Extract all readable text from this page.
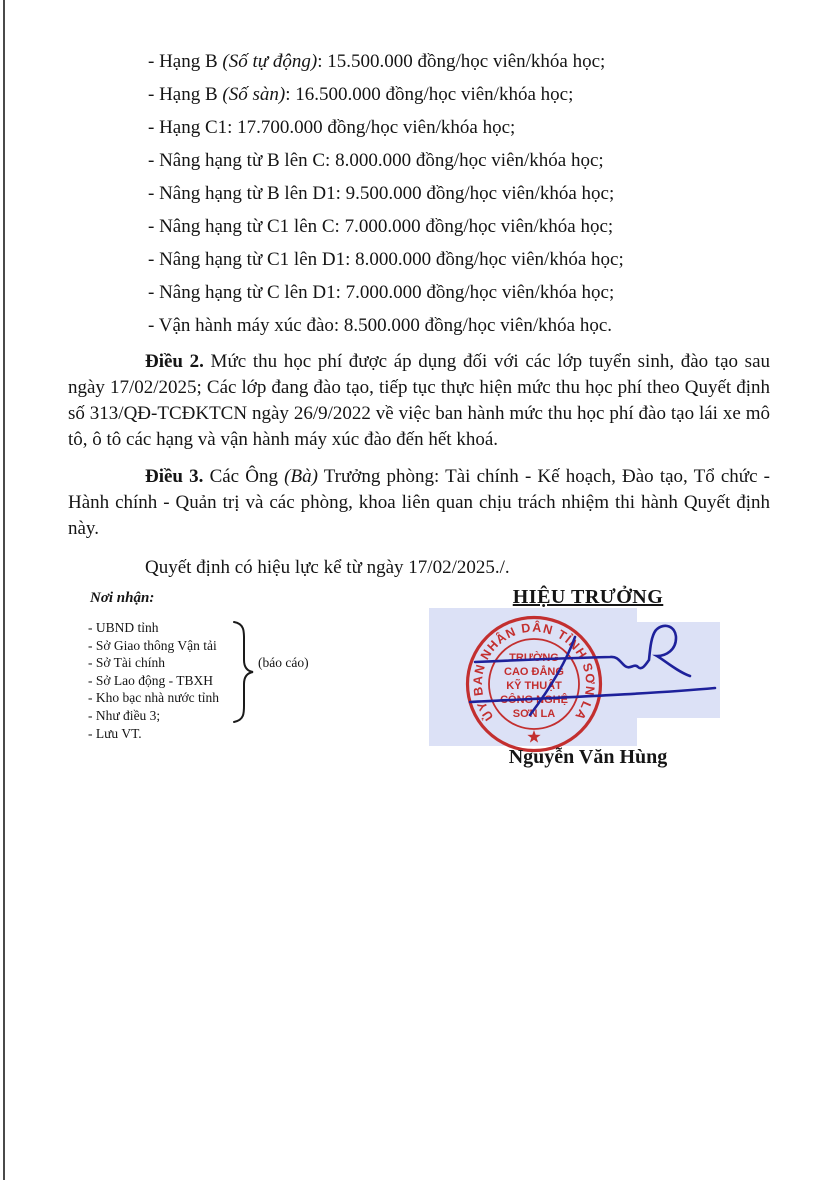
- Hạng B (Số tự động): 15.500.000 đồng/học viên/khóa học;

- Hạng B (Số sàn): 16.500.000 đồng/học viên/khóa học;

- Hạng C1: 17.700.000 đồng/học viên/khóa học;

- Nâng hạng từ B lên C: 8.000.000 đồng/học viên/khóa học;

- Nâng hạng từ B lên D1: 9.500.000 đồng/học viên/khóa học;

- Nâng hạng từ C1 lên C: 7.000.000 đồng/học viên/khóa học;

- Nâng hạng từ C1 lên D1: 8.000.000 đồng/học viên/khóa học;

- Nâng hạng từ C lên D1: 7.000.000 đồng/học viên/khóa học;

- Vận hành máy xúc đào: 8.500.000 đồng/học viên/khóa học.

Điều 2. Mức thu học phí được áp dụng đối với các lớp tuyển sinh, đào tạo sau ngày 17/02/2025; Các lớp đang đào tạo, tiếp tục thực hiện mức thu học phí theo Quyết định số 313/QĐ-TCĐKTCN ngày 26/9/2022 về việc ban hành mức thu học phí đào tạo lái xe mô tô, ô tô các hạng và vận hành máy xúc đào đến hết khoá.

Điều 3. Các Ông (Bà) Trưởng phòng: Tài chính - Kế hoạch, Đào tạo, Tổ chức - Hành chính - Quản trị và các phòng, khoa liên quan chịu trách nhiệm thi hành Quyết định này.

Quyết định có hiệu lực kể từ ngày 17/02/2025./.

Nơi nhận:
- UBND tỉnh
- Sở Giao thông Vận tải
- Sở Tài chính
- Sở Lao động - TBXH
- Kho bạc nhà nước tỉnh
- Như điều 3;
- Lưu VT.
(báo cáo)
HIỆU TRƯỞNG
ỦY BAN NHÂN DÂN TỈNH SƠN LA
TRƯỜNG
CAO ĐẲNG
KỸ THUẬT
CÔNG NGHỆ
SƠN LA
Nguyễn Văn Hùng
